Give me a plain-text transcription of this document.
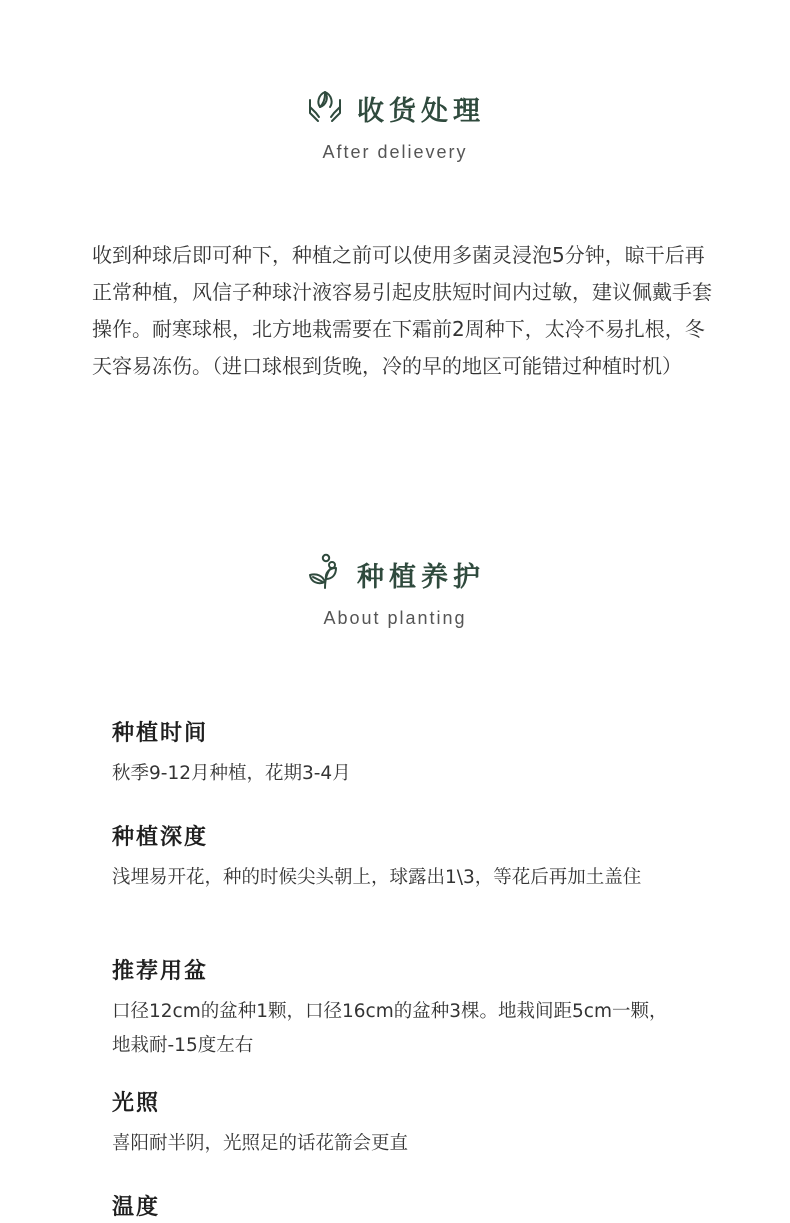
收货处理
After delievery

收到种球后即可种下，种植之前可以使用多菌灵浸泡5分钟，晾干后再正常种植，风信子种球汁液容易引起皮肤短时间内过敏，建议佩戴手套操作。耐寒球根，北方地栽需要在下霜前2周种下，太冷不易扎根，冬天容易冻伤。（进口球根到货晚，冷的早的地区可能错过种植时机）

种植养护
About planting
种植时间

秋季9-12月种植，花期3-4月

种植深度

浅埋易开花，种的时候尖头朝上，球露出1\3，等花后再加土盖住

推荐用盆

口径12cm的盆种1颗，口径16cm的盆种3棵。地栽间距5cm一颗，地栽耐-15度左右

光照

喜阳耐半阴，光照足的话花箭会更直

温度
